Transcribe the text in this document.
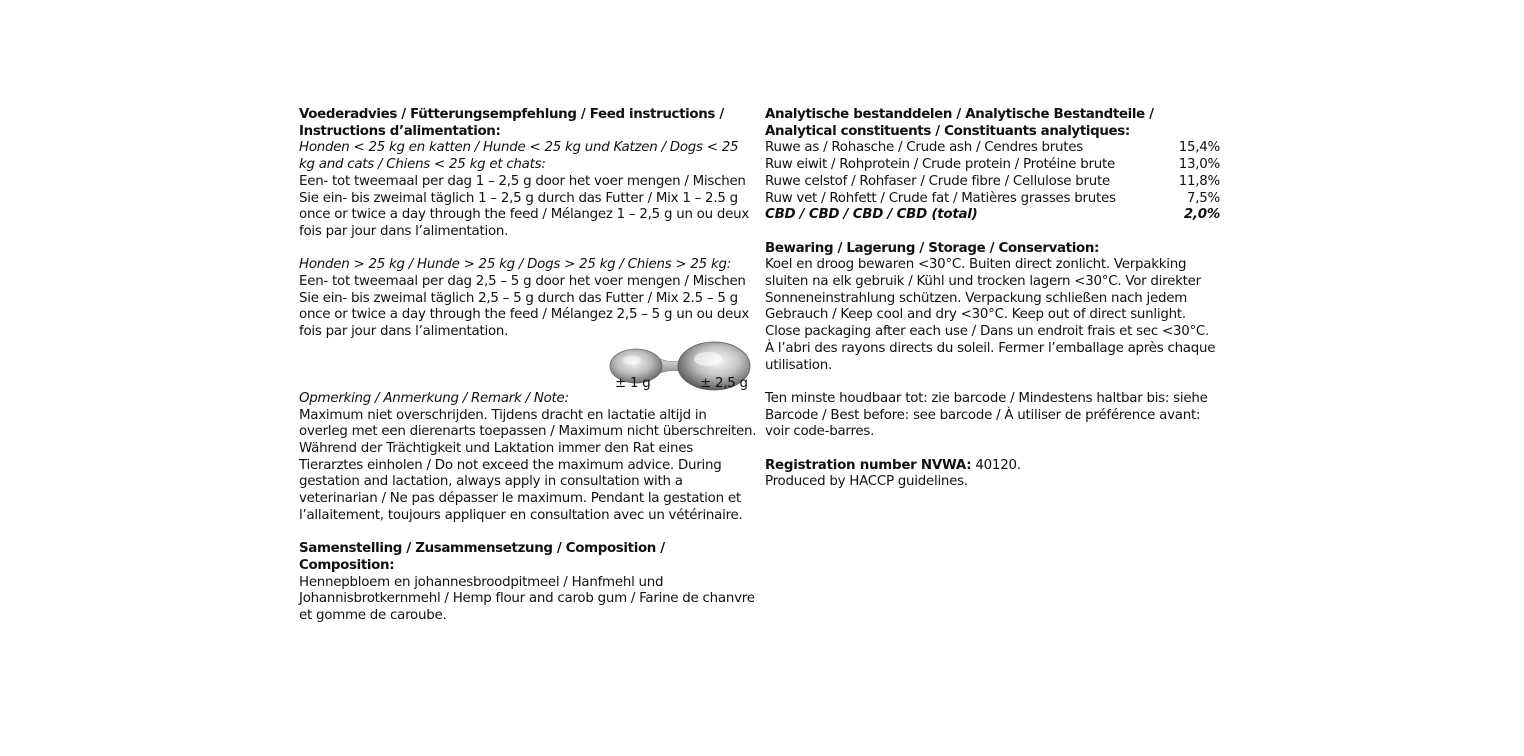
Voederadvies / Fütterungsempfehlung / Feed instructions / Instructions d’alimentation:
Honden < 25 kg en katten / Hunde < 25 kg und Katzen / Dogs < 25 kg and cats / Chiens < 25 kg et chats:
Een- tot tweemaal per dag 1 – 2,5 g door het voer mengen / Mischen Sie ein- bis zweimal täglich 1 – 2,5 g durch das Futter / Mix 1 – 2.5 g once or twice a day through the feed / Mélangez 1 – 2,5 g un ou deux fois par jour dans l’alimentation.
Honden > 25 kg / Hunde > 25 kg / Dogs > 25 kg / Chiens > 25 kg:
Een- tot tweemaal per dag 2,5 – 5 g door het voer mengen / Mischen Sie ein- bis zweimal täglich 2,5 – 5 g durch das Futter / Mix 2.5 – 5 g once or twice a day through the feed / Mélangez 2,5 – 5 g un ou deux fois par jour dans l’alimentation.
± 1 g	± 2,5 g
Opmerking / Anmerkung / Remark / Note:
Maximum niet overschrijden. Tijdens dracht en lactatie altijd in overleg met een dierenarts toepassen / Maximum nicht überschreiten. Während der Trächtigkeit und Laktation immer den Rat eines Tierarztes einholen / Do not exceed the maximum advice. During gestation and lactation, always apply in consultation with a veterinarian / Ne pas dépasser le maximum. Pendant la gestation et l’allaitement, toujours appliquer en consultation avec un vétérinaire.
Samenstelling / Zusammensetzung / Composition / Composition:
Hennepbloem en johannesbroodpitmeel / Hanfmehl und Johannisbrotkernmehl / Hemp flour and carob gum / Farine de chanvre et gomme de caroube.
Analytische bestanddelen / Analytische Bestandteile / Analytical constituents / Constituants analytiques:
Ruwe as / Rohasche / Crude ash / Cendres brutes	15,4%
Ruw eiwit / Rohprotein / Crude protein / Protéine brute	13,0%
Ruwe celstof / Rohfaser / Crude fibre / Cellulose brute	11,8%
Ruw vet / Rohfett / Crude fat / Matières grasses brutes	7,5%
CBD / CBD / CBD / CBD (total)	2,0%
Bewaring / Lagerung / Storage / Conservation:
Koel en droog bewaren <30°C. Buiten direct zonlicht. Verpakking sluiten na elk gebruik / Kühl und trocken lagern <30°C. Vor direkter Sonneneinstrahlung schützen. Verpackung schließen nach jedem Gebrauch / Keep cool and dry <30°C. Keep out of direct sunlight. Close packaging after each use / Dans un endroit frais et sec <30°C. À l’abri des rayons directs du soleil. Fermer l’emballage après chaque utilisation.
Ten minste houdbaar tot: zie barcode / Mindestens haltbar bis: siehe Barcode / Best before: see barcode / À utiliser de préférence avant: voir code-barres.
Registration number NVWA: 40120.
Produced by HACCP guidelines.
